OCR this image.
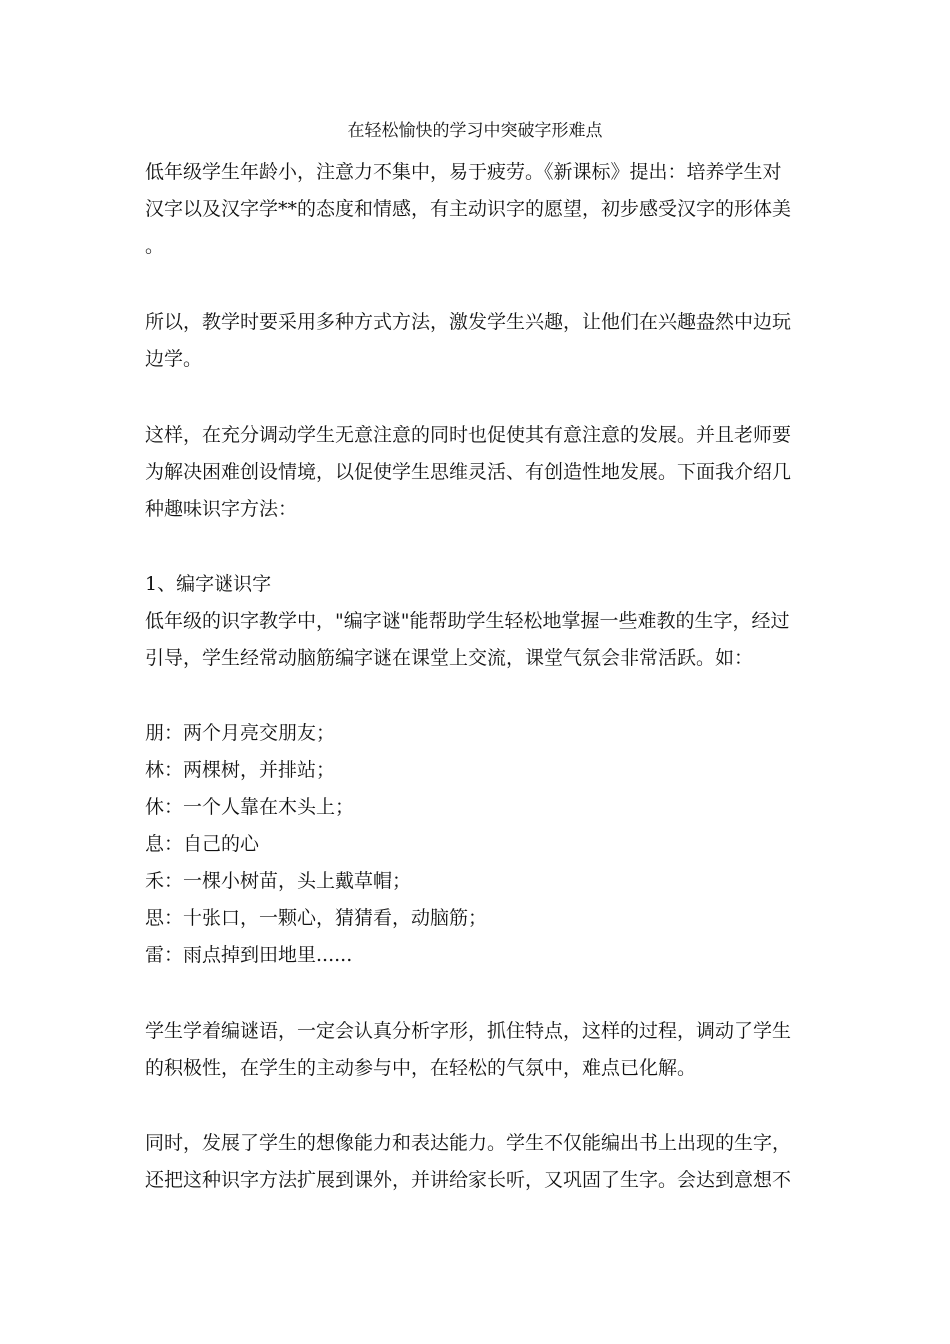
在轻松愉快的学习中突破字形难点
低年级学生年龄小，注意力不集中，易于疲劳。《新课标》提出：培养学生对
汉字以及汉字学**的态度和情感，有主动识字的愿望，初步感受汉字的形体美
。
所以，教学时要采用多种方式方法，激发学生兴趣，让他们在兴趣盎然中边玩
边学。
这样，在充分调动学生无意注意的同时也促使其有意注意的发展。并且老师要
为解决困难创设情境，以促使学生思维灵活、有创造性地发展。下面我介绍几
种趣味识字方法：
1、编字谜识字
低年级的识字教学中，"编字谜"能帮助学生轻松地掌握一些难教的生字，经过
引导，学生经常动脑筋编字谜在课堂上交流，课堂气氛会非常活跃。如：
朋：两个月亮交朋友；
林：两棵树，并排站；
休：一个人靠在木头上；
息：自己的心
禾：一棵小树苗，头上戴草帽；
思：十张口，一颗心，猜猜看，动脑筋；
雷：雨点掉到田地里......
学生学着编谜语，一定会认真分析字形，抓住特点，这样的过程，调动了学生
的积极性，在学生的主动参与中，在轻松的气氛中，难点已化解。
同时，发展了学生的想像能力和表达能力。学生不仅能编出书上出现的生字，
还把这种识字方法扩展到课外，并讲给家长听，又巩固了生字。会达到意想不
